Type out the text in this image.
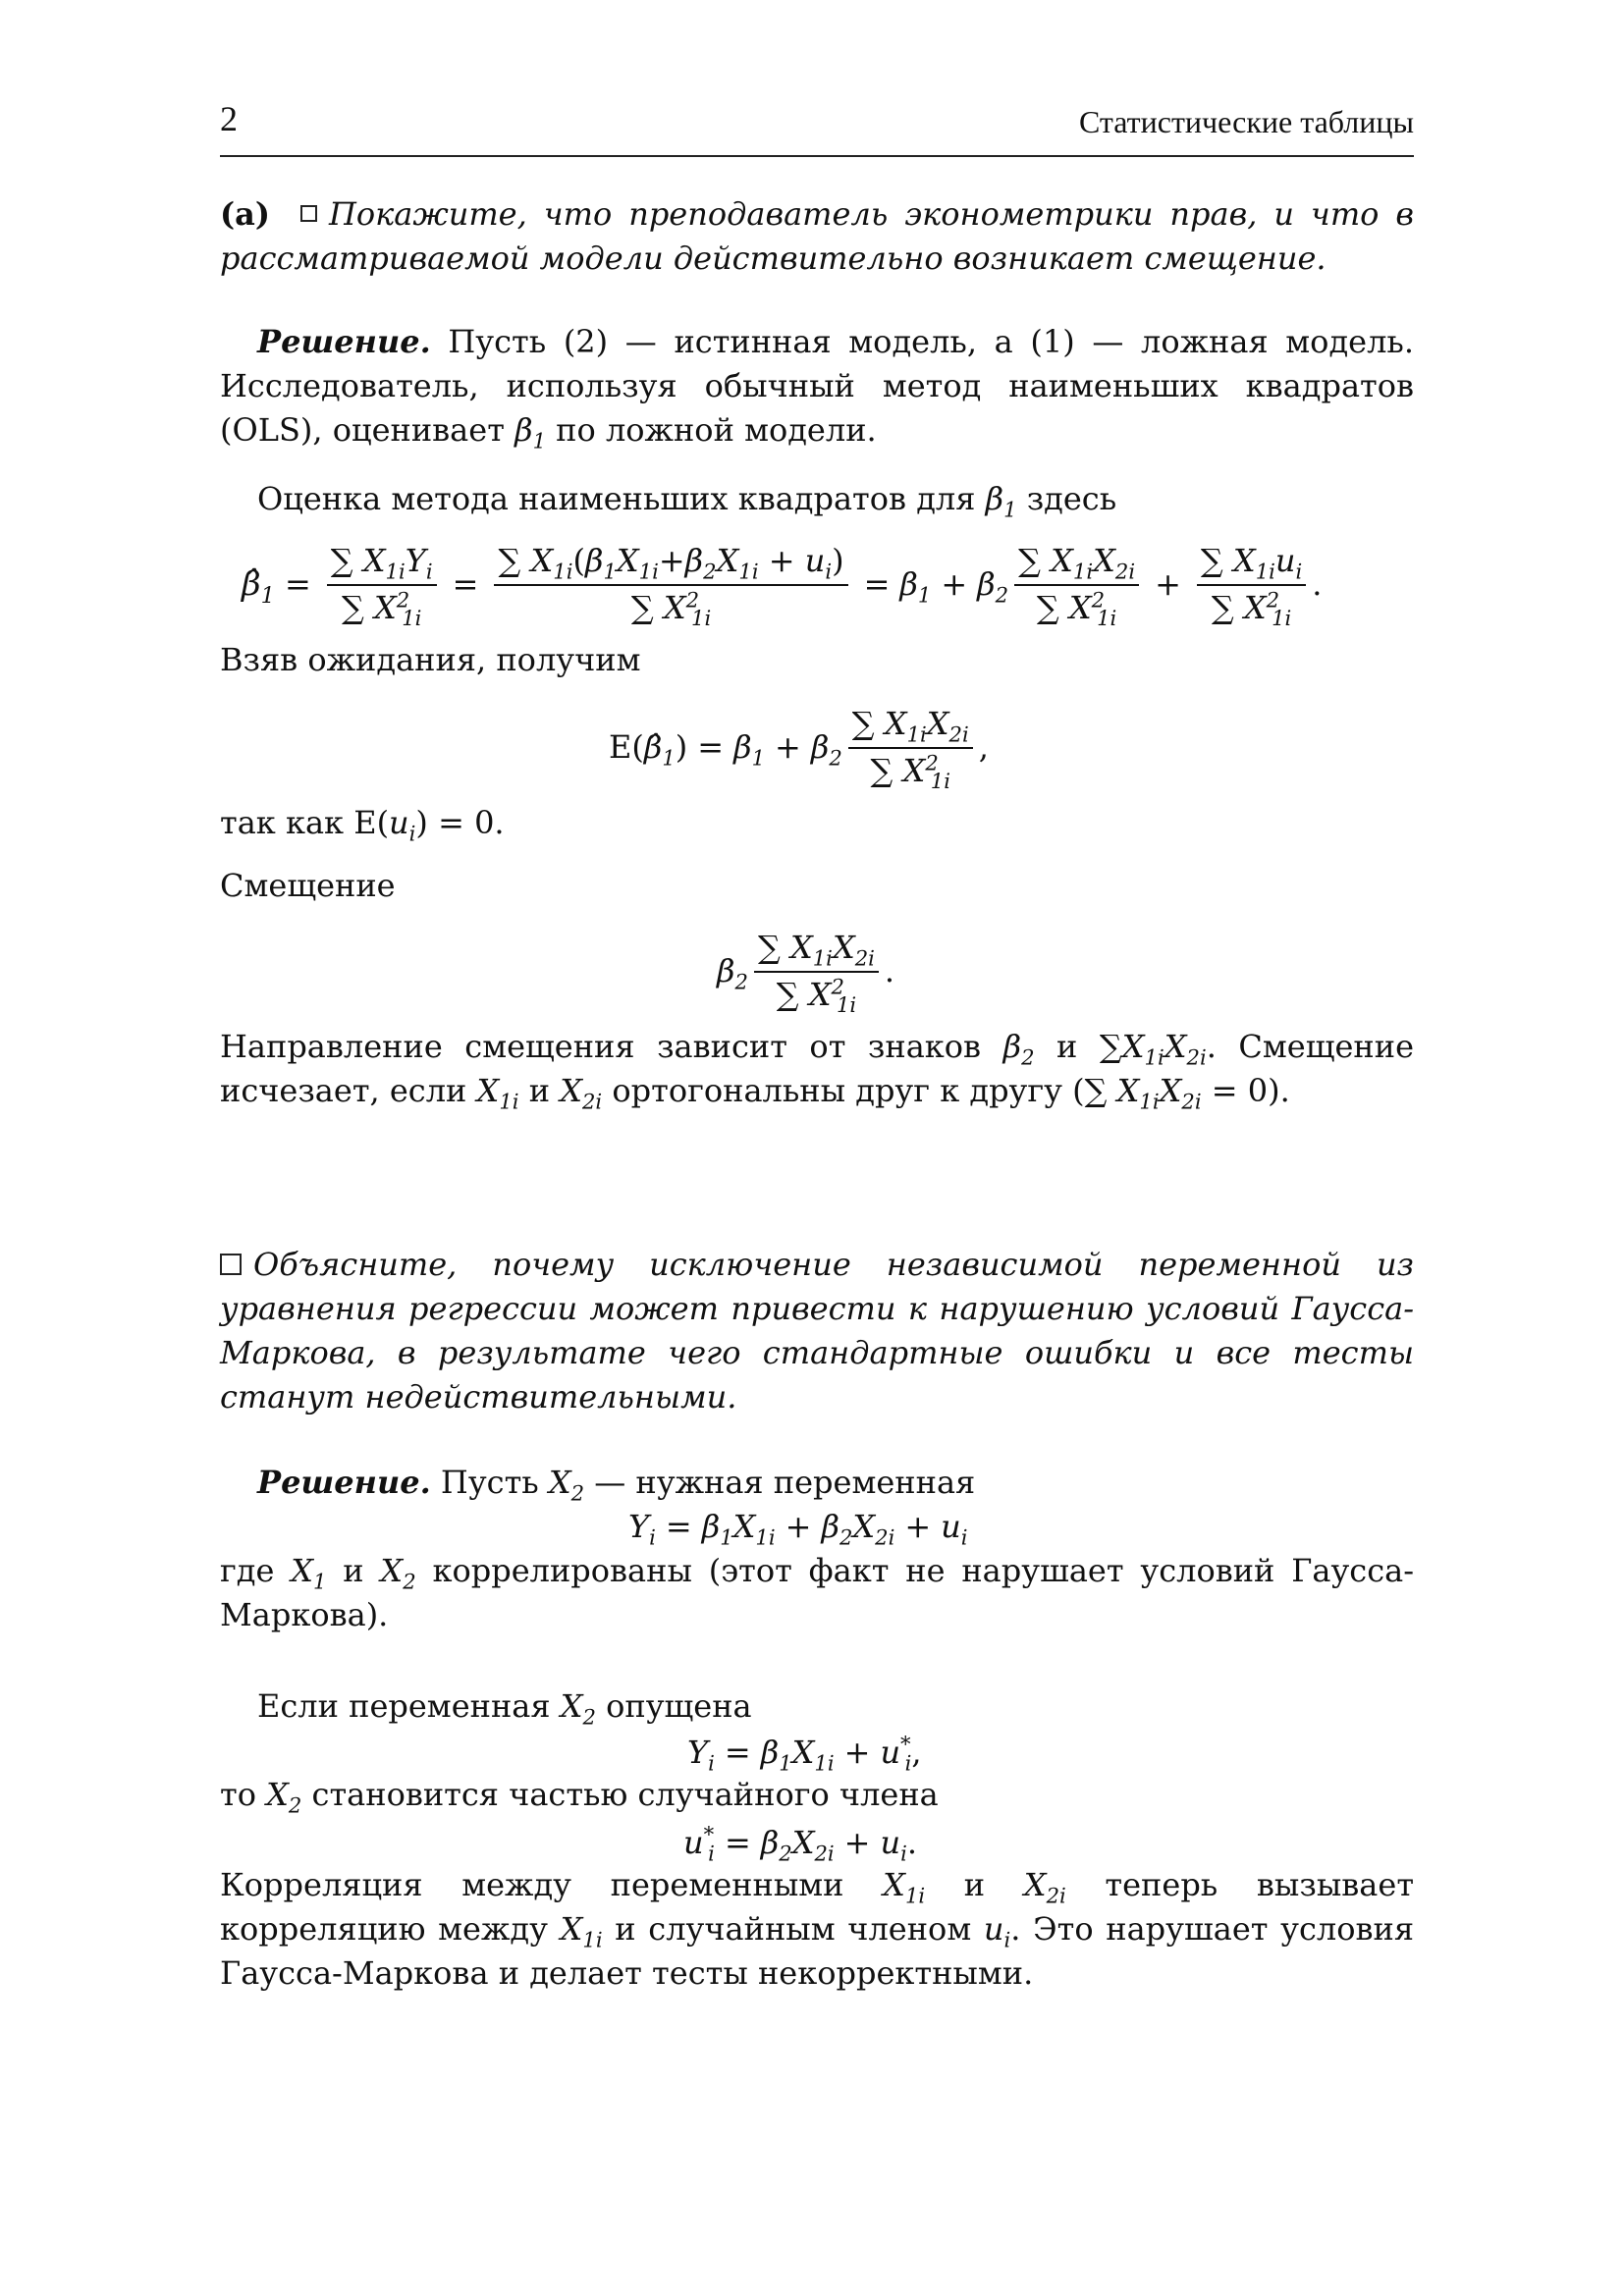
2	Статистические таблицы

(a) Покажите, что преподаватель эконометрики прав, и что в рассматриваемой модели действительно возникает смещение.

Решение. Пусть (2) — истинная модель, а (1) — ложная модель. Исследователь, используя обычный метод наименьших квадратов (OLS), оценивает $\beta_1$ по ложной модели.

Оценка метода наименьших квадратов для $\beta_1$ здесь

$\betâ_1 = \frac{\sum X_{1i}Y_i}{\sum X^2_{1i}} = \frac{\sum X_{1i}(\beta_1X_{1i}+\beta_2X_{1i} + u_i)}{\sum X^2_{1i}} = \beta_1 + \beta_2 \frac{\sum X_{1i}X_{2i}}{\sum X^2_{1i}} + \frac{\sum X_{1i}u_i}{\sum X^2_{1i}}$ .

Взяв ожидания, получим

E ( $\betâ_1$ ) = $\beta_1 + \beta_2 \frac{\sum X_{1i}X_{2i}}{\sum X^2_{1i}}$ ,

так как $E(u_i) = 0$.

Смещение

$\beta_2 \frac{\sum X_{1i}X_{2i}}{\sum X^2_{1i}}$ .

Направление смещения зависит от знаков $\beta_2$ и $\sum X_{1i}X_{2i}$. Смещение исчезает, если $X_{1i}$ и $X_{2i}$ ортогональны друг к другу (∑ $X_{1i}X_{2i} = 0$).

Объясните, почему исключение независимой переменной из уравнения регрессии может привести к нарушению условий Гаусса-Маркова, в результате чего стандартные ошибки и все тесты станут недействительными.

Решение. Пусть $X_2$ — нужная переменная

$Y_i = \beta_1X_{1i} + \beta_2X_{2i} + u_i$

где $X_1$ и $X_2$ коррелированы (этот факт не нарушает условий Гаусса-Маркова).

Если переменная $X_2$ опущена

$Y_i = \beta_1X_{1i} + u^*_i$ ,

то $X_2$ становится частью случайного члена

$u^*_i = \beta_2X_{2i} + u_i$ .

Корреляция между переменными $X_{1i}$ и $X_{2i}$ теперь вызывает корреляцию между $X_{1i}$ и случайным членом $u_i$. Это нарушает условия Гаусса-Маркова и делает тесты некорректными.
